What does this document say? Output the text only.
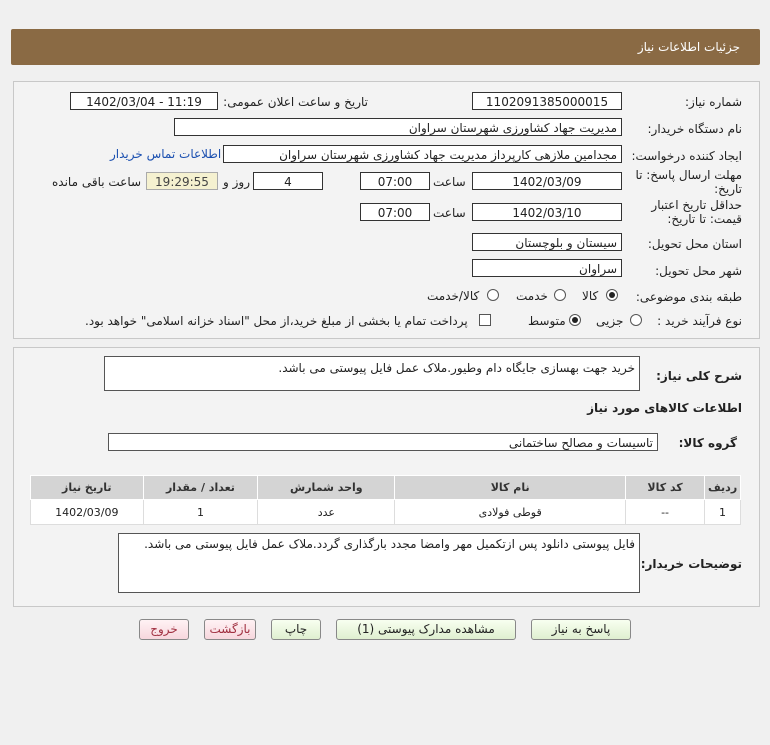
جزئیات اطلاعات نیاز
شماره نیاز:
1102091385000015
تاریخ و ساعت اعلان عمومی:
1402/03/04 - 11:19
نام دستگاه خریدار:
مدیریت جهاد کشاورزی شهرستان سراوان
ایجاد کننده درخواست:
مجدامین ملازهی کارپرداز مدیریت جهاد کشاورزی شهرستان سراوان
اطلاعات تماس خریدار
مهلت ارسال پاسخ: تا تاریخ:
1402/03/09
ساعت
07:00
4
روز و
19:29:55
ساعت باقی مانده
حداقل تاریخ اعتبار قیمت: تا تاریخ:
1402/03/10
ساعت
07:00
استان محل تحویل:
سیستان و بلوچستان
شهر محل تحویل:
سراوان
طبقه بندی موضوعی:
کالا
خدمت
کالا/خدمت
نوع فرآیند خرید :
جزیی
متوسط
پرداخت تمام یا بخشی از مبلغ خرید،از محل "اسناد خزانه اسلامی" خواهد بود.
شرح کلی نیاز:
خرید جهت بهسازی جایگاه دام وطیور.ملاک عمل فایل پیوستی می باشد.
اطلاعات کالاهای مورد نیاز
گروه کالا:
تاسیسات و مصالح ساختمانی
ردیف	کد کالا	نام کالا	واحد شمارش	تعداد / مقدار	تاریخ نیاز
1	--	قوطی فولادی	عدد	1	1402/03/09
توضیحات خریدار:
فایل پیوستی دانلود پس ازتکمیل مهر وامضا مجدد بارگذاری گردد.ملاک عمل فایل پیوستی می باشد.
پاسخ به نیاز
مشاهده مدارک پیوستی (1)
چاپ
بازگشت
خروج
